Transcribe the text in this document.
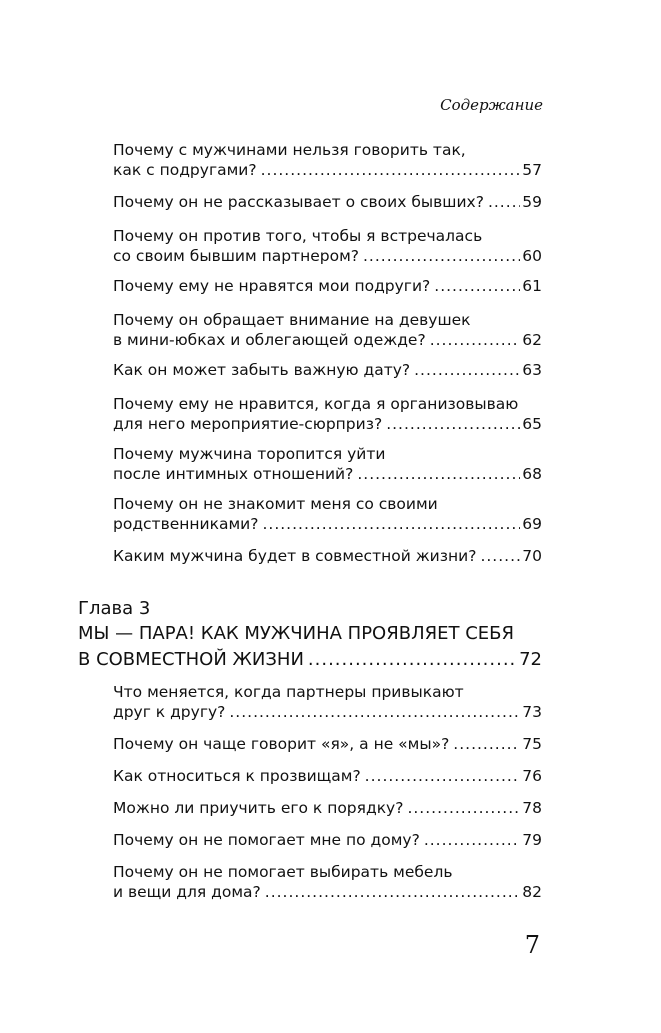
Содержание
Почему с мужчинами нельзя говорить так,
как с подругами? .....	57
Почему он не рассказывает о своих бывших? ..... 59
Почему он против того, чтобы я встречалась
со своим бывшим партнером? .....	60
Почему ему не нравятся мои подруги? .....	61
Почему он обращает внимание на девушек
в мини-юбках и облегающей одежде? .....	62
Как он может забыть важную дату? .....	63
Почему ему не нравится, когда я организовываю
для него мероприятие-сюрприз? .....	65
Почему мужчина торопится уйти
после интимных отношений? .....	68
Почему он не знакомит меня со своими
родственниками? .....	69
Каким мужчина будет в совместной жизни? .....	70
Глава 3
МЫ — ПАРА! КАК МУЖЧИНА ПРОЯВЛЯЕТ СЕБЯ
В СОВМЕСТНОЙ ЖИЗНИ .....	72
Что меняется, когда партнеры привыкают
друг к другу? .....	73
Почему он чаще говорит «я», а не «мы»? .....	75
Как относиться к прозвищам? .....	76
Можно ли приучить его к порядку? .....	78
Почему он не помогает мне по дому? .....	79
Почему он не помогает выбирать мебель
и вещи для дома? .....	82
7
